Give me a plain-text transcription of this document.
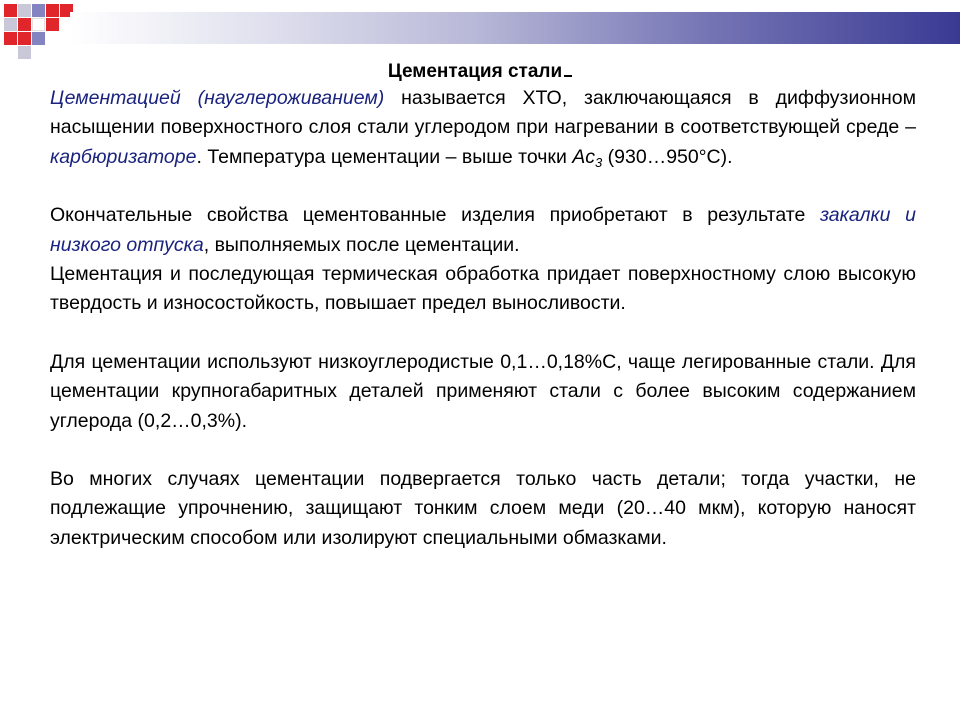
Цементация стали

Цементацией (науглероживанием) называется ХТО, заключающаяся в диффузионном насыщении поверхностного слоя стали углеродом при нагревании в соответствующей среде – карбюризаторе. Температура цементации – выше точки $Ac_3$ (930…950°C).

Окончательные свойства цементованные изделия приобретают в результате закалки и низкого отпуска, выполняемых после цементации.

Цементация и последующая термическая обработка придает поверхностному слою высокую твердость и износостойкость, повышает предел выносливости.

Для цементации используют низкоуглеродистые 0,1…0,18%C, чаще легированные стали. Для цементации крупногабаритных деталей применяют стали с более высоким содержанием углерода (0,2…0,3%).

Во многих случаях цементации подвергается только часть детали; тогда участки, не подлежащие упрочнению, защищают тонким слоем меди (20…40 мкм), которую наносят электрическим способом или изолируют специальными обмазками.
